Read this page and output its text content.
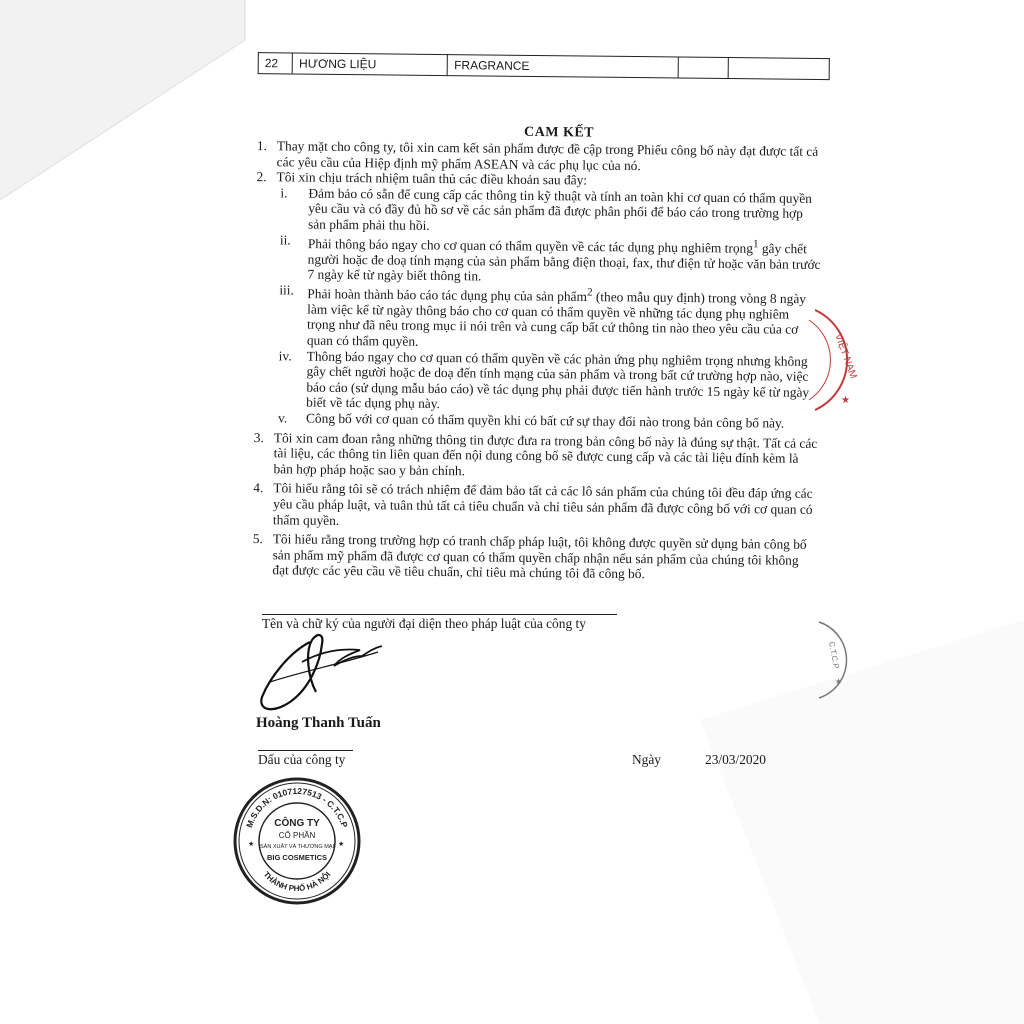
VIỆT NAM
★
C.T.C.P
★
22	HƯƠNG LIỆU	FRAGRANCE		
CAM KẾT

1. Thay mặt cho công ty, tôi xin cam kết sản phẩm được đề cập trong Phiếu công bố này đạt được tất cả các yêu cầu của Hiệp định mỹ phẩm ASEAN và các phụ lục của nó.

2. Tôi xin chịu trách nhiệm tuân thủ các điều khoản sau đây:

i. Đảm bảo có sẵn để cung cấp các thông tin kỹ thuật và tính an toàn khi cơ quan có thẩm quyền yêu cầu và có đầy đủ hồ sơ về các sản phẩm đã được phân phối để báo cáo trong trường hợp sản phẩm phải thu hồi.

ii. Phải thông báo ngay cho cơ quan có thẩm quyền về các tác dụng phụ nghiêm trọng$^1$ gây chết người hoặc đe doạ tính mạng của sản phẩm bằng điện thoại, fax, thư điện tử hoặc văn bản trước 7 ngày kể từ ngày biết thông tin.

iii. Phải hoàn thành báo cáo tác dụng phụ của sản phẩm$^2$ (theo mẫu quy định) trong vòng 8 ngày làm việc kể từ ngày thông báo cho cơ quan có thẩm quyền về những tác dụng phụ nghiêm trọng như đã nêu trong mục ii nói trên và cung cấp bất cứ thông tin nào theo yêu cầu của cơ quan có thẩm quyền.

iv. Thông báo ngay cho cơ quan có thẩm quyền về các phản ứng phụ nghiêm trọng nhưng không gây chết người hoặc đe doạ đến tính mạng của sản phẩm và trong bất cứ trường hợp nào, việc báo cáo (sử dụng mẫu báo cáo) về tác dụng phụ phải được tiến hành trước 15 ngày kể từ ngày biết về tác dụng phụ này.

v. Công bố với cơ quan có thẩm quyền khi có bất cứ sự thay đổi nào trong bản công bố này.

3. Tôi xin cam đoan rằng những thông tin được đưa ra trong bản công bố này là đúng sự thật. Tất cả các tài liệu, các thông tin liên quan đến nội dung công bố sẽ được cung cấp và các tài liệu đính kèm là bản hợp pháp hoặc sao y bản chính.

4. Tôi hiểu rằng tôi sẽ có trách nhiệm để đảm bảo tất cả các lô sản phẩm của chúng tôi đều đáp ứng các yêu cầu pháp luật, và tuân thủ tất cả tiêu chuẩn và chỉ tiêu sản phẩm đã được công bố với cơ quan có thẩm quyền.

5. Tôi hiểu rằng trong trường hợp có tranh chấp pháp luật, tôi không được quyền sử dụng bản công bố sản phẩm mỹ phẩm đã được cơ quan có thẩm quyền chấp nhận nếu sản phẩm của chúng tôi không đạt được các yêu cầu về tiêu chuẩn, chỉ tiêu mà chúng tôi đã công bố.

Tên và chữ ký của người đại diện theo pháp luật của công ty
Hoàng Thanh Tuấn
Dấu của công ty	Ngày	23/03/2020
M.S.D.N: 0107127513 - C.T.C.P
THÀNH PHỐ HÀ NỘI
CÔNG TY
CỔ PHẦN
SẢN XUẤT VÀ THƯƠNG MẠI
BIG COSMETICS
★	★
